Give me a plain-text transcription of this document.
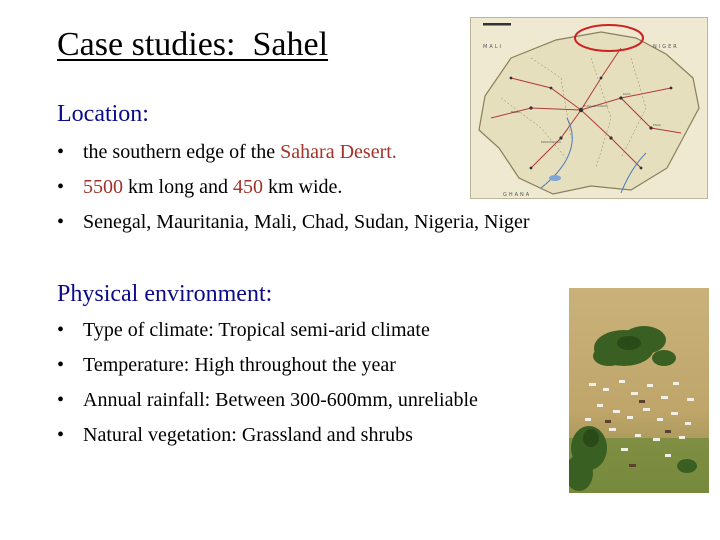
Case studies:  Sahel
Location:
• the southern edge of the Sahara Desert.
• 5500 km long and 450 km wide.
• Senegal, Mauritania, Mali, Chad, Sudan, Nigeria, Niger
Physical environment:
• Type of climate: Tropical semi-arid climate
• Temperature: High throughout the year
• Annual rainfall: Between 300-600mm, unreliable
• Natural vegetation: Grassland and shrubs
OUAGADOUGOU
BOBO
KAYA
KOUDOUGOU
FADA
MALI	NIGER
GHANA
